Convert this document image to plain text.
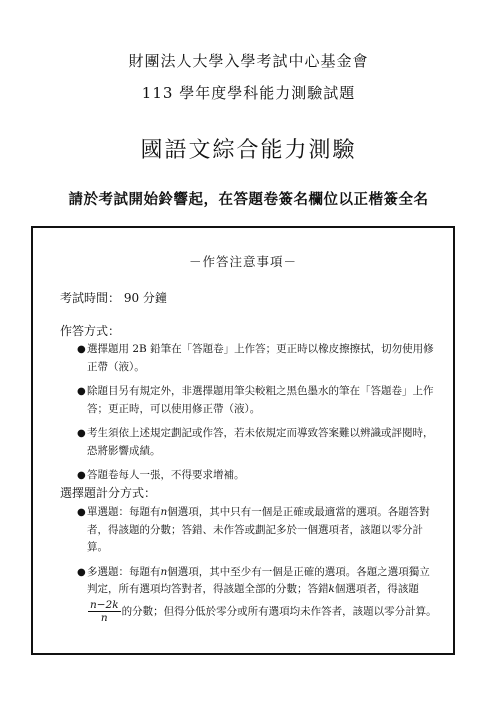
財團法人大學入學考試中心基金會
113 學年度學科能力測驗試題
國語文綜合能力測驗
請於考試開始鈴響起，在答題卷簽名欄位以正楷簽全名
－作答注意事項－
考試時間： 90 分鐘
作答方式：
● 選擇題用 2B 鉛筆在「答題卷」上作答；更正時以橡皮擦擦拭，切勿使用修正帶（液）。
● 除題目另有規定外，非選擇題用筆尖較粗之黑色墨水的筆在「答題卷」上作答；更正時，可以使用修正帶（液）。
● 考生須依上述規定劃記或作答，若未依規定而導致答案難以辨識或評閱時，恐將影響成績。
● 答題卷每人一張，不得要求增補。
選擇題計分方式：
● 單選題：每題有n個選項，其中只有一個是正確或最適當的選項。各題答對者，得該題的分數；答錯、未作答或劃記多於一個選項者，該題以零分計算。
● 多選題：每題有n個選項，其中至少有一個是正確的選項。各題之選項獨立判定，所有選項均答對者，得該題全部的分數；答錯k個選項者，得該題
$\frac{n-2k}{n}$ 的分數；但得分低於零分或所有選項均未作答者，該題以零分計算。
